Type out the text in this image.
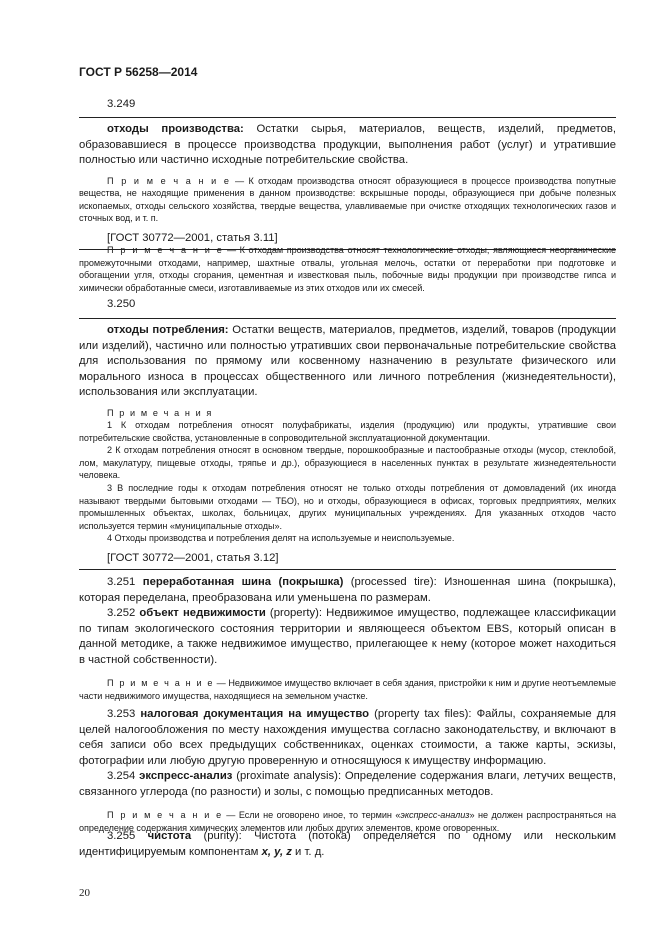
ГОСТ Р 56258—2014
3.249

отходы производства: Остатки сырья, материалов, веществ, изделий, предметов, образовавшиеся в процессе производства продукции, выполнения работ (услуг) и утратившие полностью или частично исходные потребительские свойства.

П р и м е ч а н и е — К отходам производства относят образующиеся в процессе производства попутные вещества, не находящие применения в данном производстве: вскрышные породы, образующиеся при добыче полезных ископаемых, отходы сельского хозяйства, твердые вещества, улавливаемые при очистке отходящих технологических газов и сточных вод, и т. п.

[ГОСТ 30772—2001, статья 3.11]

П р и м е ч а н и е — К отходам производства относят технологические отходы, являющиеся неорганические промежуточными отходами, например, шахтные отвалы, угольная мелочь, остатки от переработки при подготовке и обогащении угля, отходы сгорания, цементная и известковая пыль, побочные виды продукции при производстве гипса и химически обработанные смеси, изготавливаемые из этих отходов или их смесей.

3.250

отходы потребления: Остатки веществ, материалов, предметов, изделий, товаров (продукции или изделий), частично или полностью утративших свои первоначальные потребительские свойства для использования по прямому или косвенному назначению в результате физического или морального износа в процессах общественного или личного потребления (жизнедеятельности), использования или эксплуатации.

П р и м е ч а н и я

1 К отходам потребления относят полуфабрикаты, изделия (продукцию) или продукты, утратившие свои потребительские свойства, установленные в сопроводительной эксплуатационной документации.

2 К отходам потребления относят в основном твердые, порошкообразные и пастообразные отходы (мусор, стеклобой, лом, макулатуру, пищевые отходы, тряпье и др.), образующиеся в населенных пунктах в результате жизнедеятельности человека.

3 В последние годы к отходам потребления относят не только отходы потребления от домовладений (их иногда называют твердыми бытовыми отходами — ТБО), но и отходы, образующиеся в офисах, торговых предприятиях, мелких промышленных объектах, школах, больницах, других муниципальных учреждениях. Для указанных отходов часто используется термин «муниципальные отходы».

4 Отходы производства и потребления делят на используемые и неиспользуемые.

[ГОСТ 30772—2001, статья 3.12]

3.251 переработанная шина (покрышка) (processed tire): Изношенная шина (покрышка), которая переделана, преобразована или уменьшена по размерам.

3.252 объект недвижимости (property): Недвижимое имущество, подлежащее классификации по типам экологического состояния территории и являющееся объектом EBS, который описан в данной методике, а также недвижимое имущество, прилегающее к нему (которое может находиться в частной собственности).

П р и м е ч а н и е — Недвижимое имущество включает в себя здания, пристройки к ним и другие неотъемлемые части недвижимого имущества, находящиеся на земельном участке.

3.253 налоговая документация на имущество (property tax files): Файлы, сохраняемые для целей налогообложения по месту нахождения имущества согласно законодательству, и включают в себя записи обо всех предыдущих собственниках, оценках стоимости, а также карты, эскизы, фотографии или любую другую проверенную и относящуюся к имуществу информацию.

3.254 экспресс-анализ (proximate analysis): Определение содержания влаги, летучих веществ, связанного углерода (по разности) и золы, с помощью предписанных методов.

П р и м е ч а н и е — Если не оговорено иное, то термин «экспресс-анализ» не должен распространяться на определение содержания химических элементов или любых других элементов, кроме оговоренных.

3.255 чистота (purity): Чистота (потока) определяется по одному или нескольким идентифицируемым компонентам x, y, z и т. д.

20
